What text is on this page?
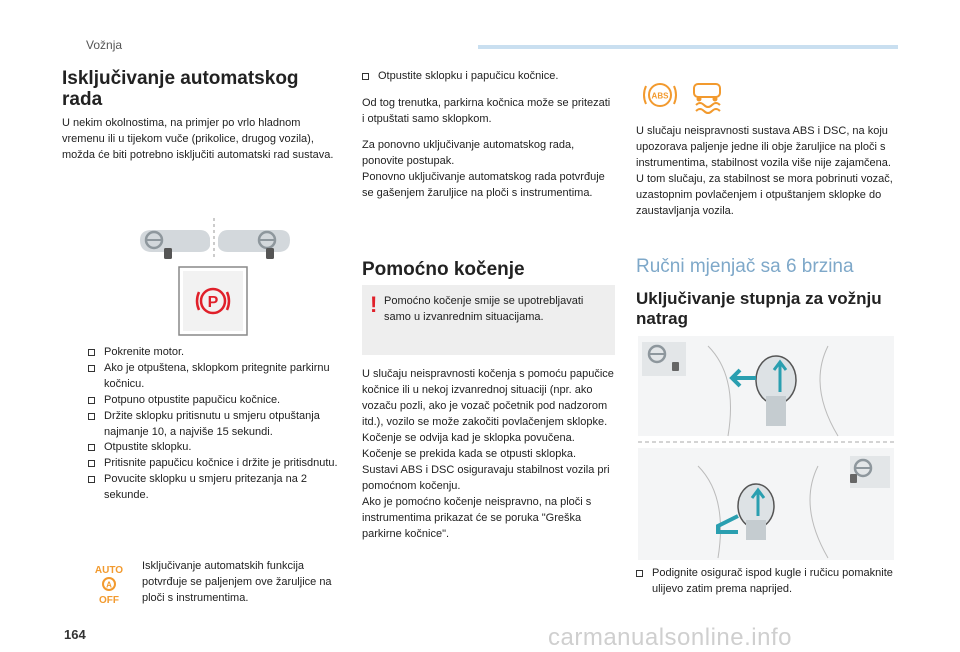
Vožnja
Isključivanje automatskog rada
U nekim okolnostima, na primjer po vrlo hladnom vremenu ili u tijekom vuče (prikolice, drugog vozila), možda će biti potrebno isključiti automatski rad sustava.
P
Pokrenite motor.
Ako je otpuštena, sklopkom pritegnite parkirnu kočnicu.
Potpuno otpustite papučicu kočnice.
Držite sklopku pritisnutu u smjeru otpuštanja najmanje 10, a najviše 15 sekundi.
Otpustite sklopku.
Pritisnite papučicu kočnice i držite je pritisdnutu.
Povucite sklopku u smjeru pritezanja na 2 sekunde.
AUTO
A
OFF
Isključivanje automatskih funkcija potvrđuje se paljenjem ove žaruljice na ploči s instrumentima.
Otpustite sklopku i papučicu kočnice.
Od tog trenutka, parkirna kočnica može se pritezati i otpuštati samo sklopkom.
Za ponovno uključivanje automatskog rada, ponovite postupak.
Ponovno uključivanje automatskog rada potvrđuje se gašenjem žaruljice na ploči s instrumentima.
Pomoćno kočenje
! Pomoćno kočenje smije se upotrebljavati samo u izvanrednim situacijama.
U slučaju neispravnosti kočenja s pomoću papučice kočnice ili u nekoj izvanrednoj situaciji (npr. ako vozaču pozli, ako je vozač početnik pod nadzorom itd.), vozilo se može zakočiti povlačenjem sklopke. Kočenje se odvija kad je sklopka povučena. Kočenje se prekida kada se otpusti sklopka.
Sustavi ABS i DSC osiguravaju stabilnost vozila pri pomoćnom kočenju.
Ako je pomoćno kočenje neispravno, na ploči s instrumentima prikazat će se poruka "Greška parkirne kočnice".
ABS
U slučaju neispravnosti sustava ABS i DSC, na koju upozorava paljenje jedne ili obje žaruljice na ploči s instrumentima, stabilnost vozila više nije zajamčena.
U tom slučaju, za stabilnost se mora pobrinuti vozač, uzastopnim povlačenjem i otpuštanjem sklopke do zaustavljanja vozila.
Ručni mjenjač sa 6 brzina
Uključivanje stupnja za vožnju natrag
Podignite osigurač ispod kugle i ručicu pomaknite ulijevo zatim prema naprijed.
164	carmanualsonline.info
